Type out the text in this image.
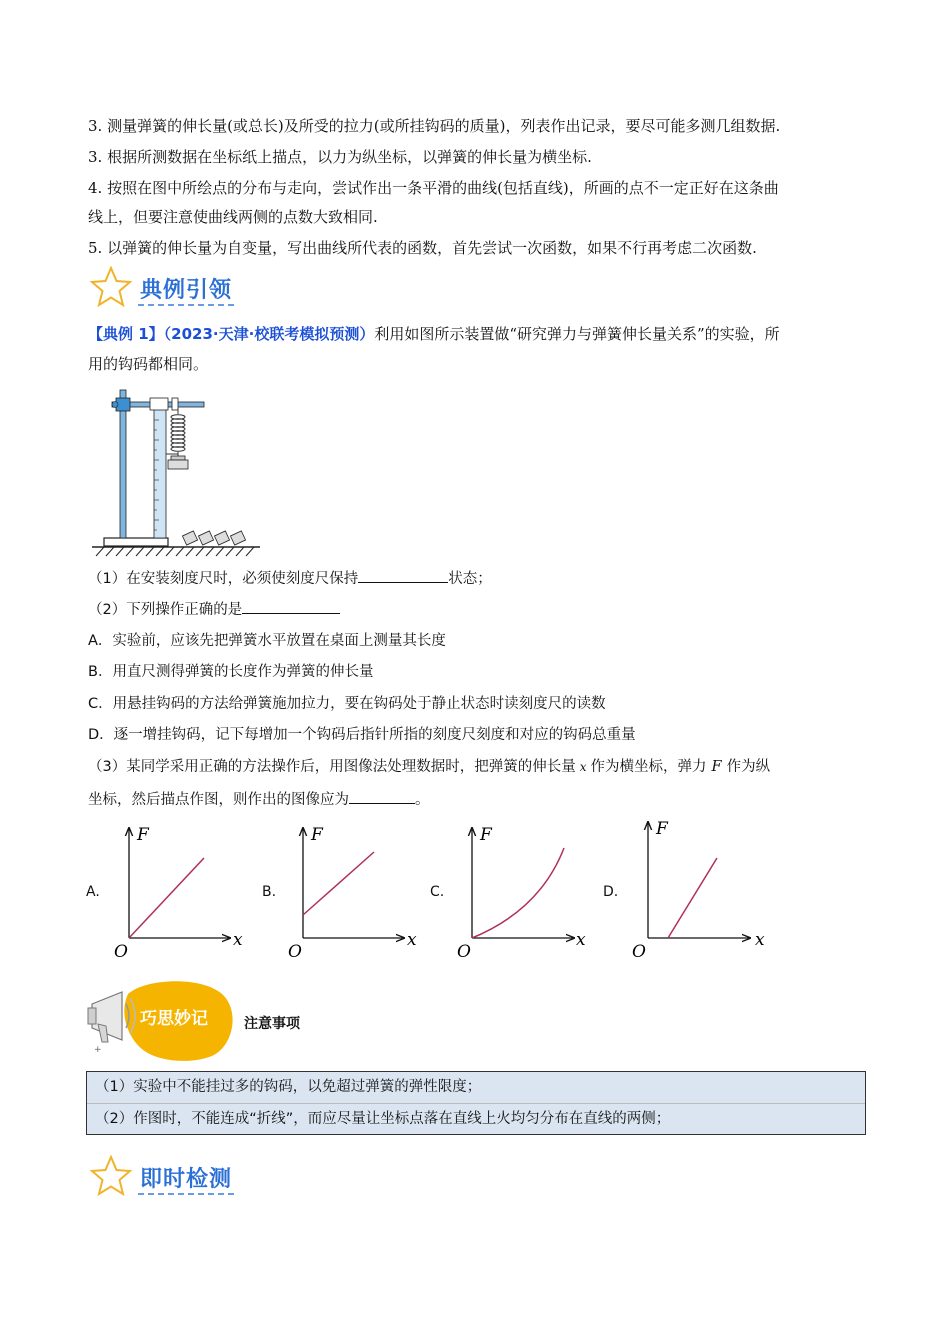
3. 测量弹簧的伸长量(或总长)及所受的拉力(或所挂钩码的质量)，列表作出记录，要尽可能多测几组数据.
3. 根据所测数据在坐标纸上描点，以力为纵坐标，以弹簧的伸长量为横坐标.
4. 按照在图中所绘点的分布与走向，尝试作出一条平滑的曲线(包括直线)，所画的点不一定正好在这条曲
线上，但要注意使曲线两侧的点数大致相同.
5. 以弹簧的伸长量为自变量，写出曲线所代表的函数，首先尝试一次函数，如果不行再考虑二次函数.
典例引领
【典例 1】（2023·天津·校联考模拟预测）利用如图所示装置做“研究弹力与弹簧伸长量关系”的实验，所
用的钩码都相同。
（1）在安装刻度尺时，必须使刻度尺保持	状态；
（2）下列操作正确的是
A．实验前，应该先把弹簧水平放置在桌面上测量其长度
B．用直尺测得弹簧的长度作为弹簧的伸长量
C．用悬挂钩码的方法给弹簧施加拉力，要在钩码处于静止状态时读刻度尺的读数
D．逐一增挂钩码，记下每增加一个钩码后指针所指的刻度尺刻度和对应的钩码总重量
（3）某同学采用正确的方法操作后，用图像法处理数据时，把弹簧的伸长量 x 作为横坐标，弹力 F 作为纵
坐标，然后描点作图，则作出的图像应为	。
A.	B.	C.	D.
F
x
O
F
x
O
F
x
O
F
x
O
+
巧思妙记	注意事项
（1）实验中不能挂过多的钩码，以免超过弹簧的弹性限度；
（2）作图时，不能连成“折线”，而应尽量让坐标点落在直线上火均匀分布在直线的两侧；
即时检测
